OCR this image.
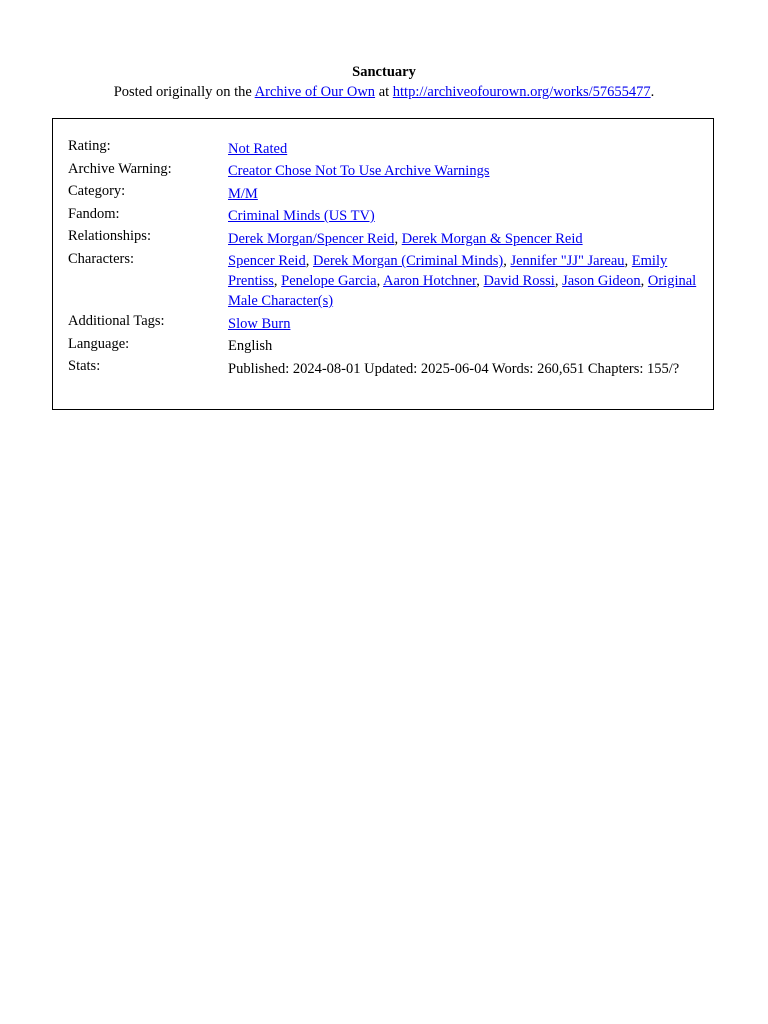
Sanctuary
Posted originally on the Archive of Our Own at http://archiveofourown.org/works/57655477.
Rating:	Not Rated
Archive Warning:	Creator Chose Not To Use Archive Warnings
Category:	M/M
Fandom:	Criminal Minds (US TV)
Relationships:	Derek Morgan/Spencer Reid, Derek Morgan & Spencer Reid
Characters:	Spencer Reid, Derek Morgan (Criminal Minds), Jennifer "JJ" Jareau, Emily Prentiss, Penelope Garcia, Aaron Hotchner, David Rossi, Jason Gideon, Original Male Character(s)
Additional Tags:	Slow Burn
Language:	English
Stats:	Published: 2024-08-01 Updated: 2025-06-04 Words: 260,651 Chapters: 155/?
